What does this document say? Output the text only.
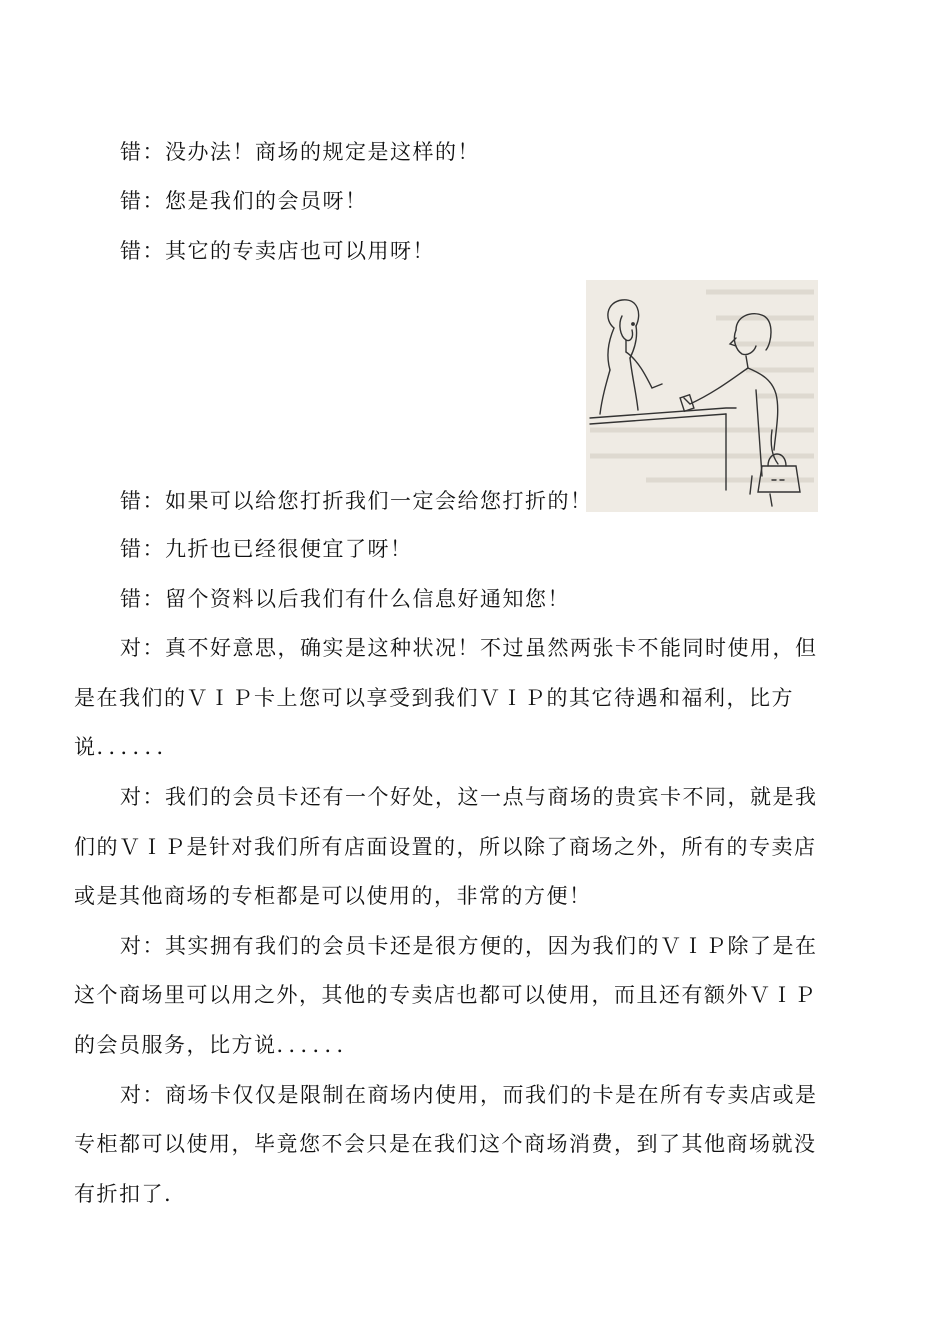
错：没办法！商场的规定是这样的！
错：您是我们的会员呀！
错：其它的专卖店也可以用呀！
错：如果可以给您打折我们一定会给您打折的！
错：九折也已经很便宜了呀！
错：留个资料以后我们有什么信息好通知您！
对：真不好意思，确实是这种状况！不过虽然两张卡不能同时使用，但
是在我们的ＶＩＰ卡上您可以享受到我们ＶＩＰ的其它待遇和福利，比方
说．．．．．．
对：我们的会员卡还有一个好处，这一点与商场的贵宾卡不同，就是我
们的ＶＩＰ是针对我们所有店面设置的，所以除了商场之外，所有的专卖店
或是其他商场的专柜都是可以使用的，非常的方便！
对：其实拥有我们的会员卡还是很方便的，因为我们的ＶＩＰ除了是在
这个商场里可以用之外，其他的专卖店也都可以使用，而且还有额外ＶＩＰ
的会员服务，比方说．．．．．．
对：商场卡仅仅是限制在商场内使用，而我们的卡是在所有专卖店或是
专柜都可以使用，毕竟您不会只是在我们这个商场消费，到了其他商场就没
有折扣了.
